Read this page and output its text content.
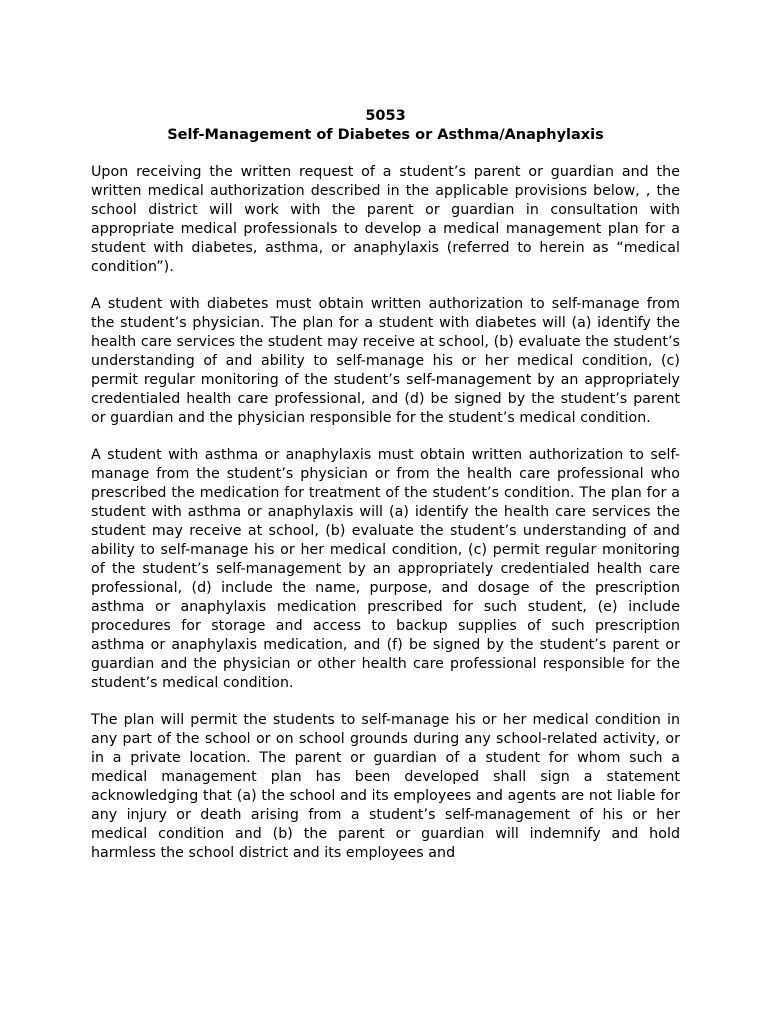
5053

Self-Management of Diabetes or Asthma/Anaphylaxis

Upon receiving the written request of a student’s parent or guardian and the written medical authorization described in the applicable provisions below, , the school district will work with the parent or guardian in consultation with appropriate medical professionals to develop a medical management plan for a student with diabetes, asthma, or anaphylaxis (referred to herein as “medical condition”).

A student with diabetes must obtain written authorization to self-manage from the student’s physician. The plan for a student with diabetes will (a) identify the health care services the student may receive at school, (b) evaluate the student’s understanding of and ability to self-manage his or her medical condition, (c) permit regular monitoring of the student’s self-management by an appropriately credentialed health care professional, and (d) be signed by the student’s parent or guardian and the physician responsible for the student’s medical condition.

A student with asthma or anaphylaxis must obtain written authorization to self-manage from the student’s physician or from the health care professional who prescribed the medication for treatment of the student’s condition. The plan for a student with asthma or anaphylaxis will (a) identify the health care services the student may receive at school, (b) evaluate the student’s understanding of and ability to self-manage his or her medical condition, (c) permit regular monitoring of the student’s self-management by an appropriately credentialed health care professional, (d) include the name, purpose, and dosage of the prescription asthma or anaphylaxis medication prescribed for such student, (e) include procedures for storage and access to backup supplies of such prescription asthma or anaphylaxis medication, and (f) be signed by the student’s parent or guardian and the physician or other health care professional responsible for the student’s medical condition.

The plan will permit the students to self-manage his or her medical condition in any part of the school or on school grounds during any school-related activity, or in a private location. The parent or guardian of a student for whom such a medical management plan has been developed shall sign a statement acknowledging that (a) the school and its employees and agents are not liable for any injury or death arising from a student’s self-management of his or her medical condition and (b) the parent or guardian will indemnify and hold harmless the school district and its employees and
